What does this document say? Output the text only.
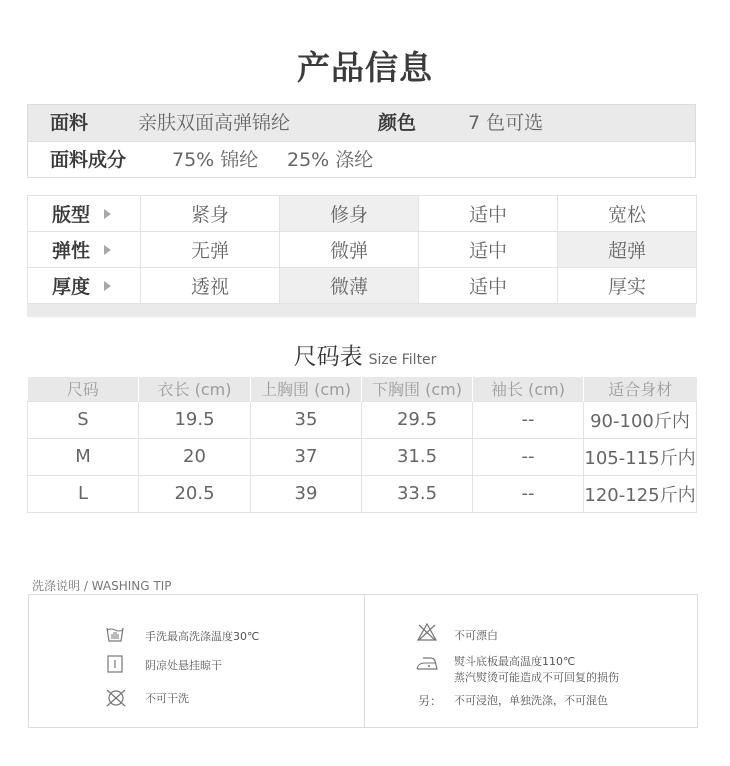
产品信息
面料	亲肤双面高弹锦纶	颜色	7 色可选
面料成分 75% 锦纶 25% 涤纶
版型	紧身	修身	适中	宽松
弹性	无弹	微弹	适中	超弹
厚度	透视	微薄	适中	厚实
尺码表 Size Filter
尺码	衣长 (cm)	上胸围 (cm)	下胸围 (cm)	袖长 (cm)	适合身材
S	19.5	35	29.5	--	90-100斤内
M	20	37	31.5	--	105-115斤内
L	20.5	39	33.5	--	120-125斤内
洗涤说明 / WASHING TIP
手洗最高洗涤温度30℃
阴凉处悬挂晾干
不可干洗
不可漂白
熨斗底板最高温度110℃
蒸汽熨烫可能造成不可回复的损伤
另： 不可浸泡，单独洗涤，不可混色
